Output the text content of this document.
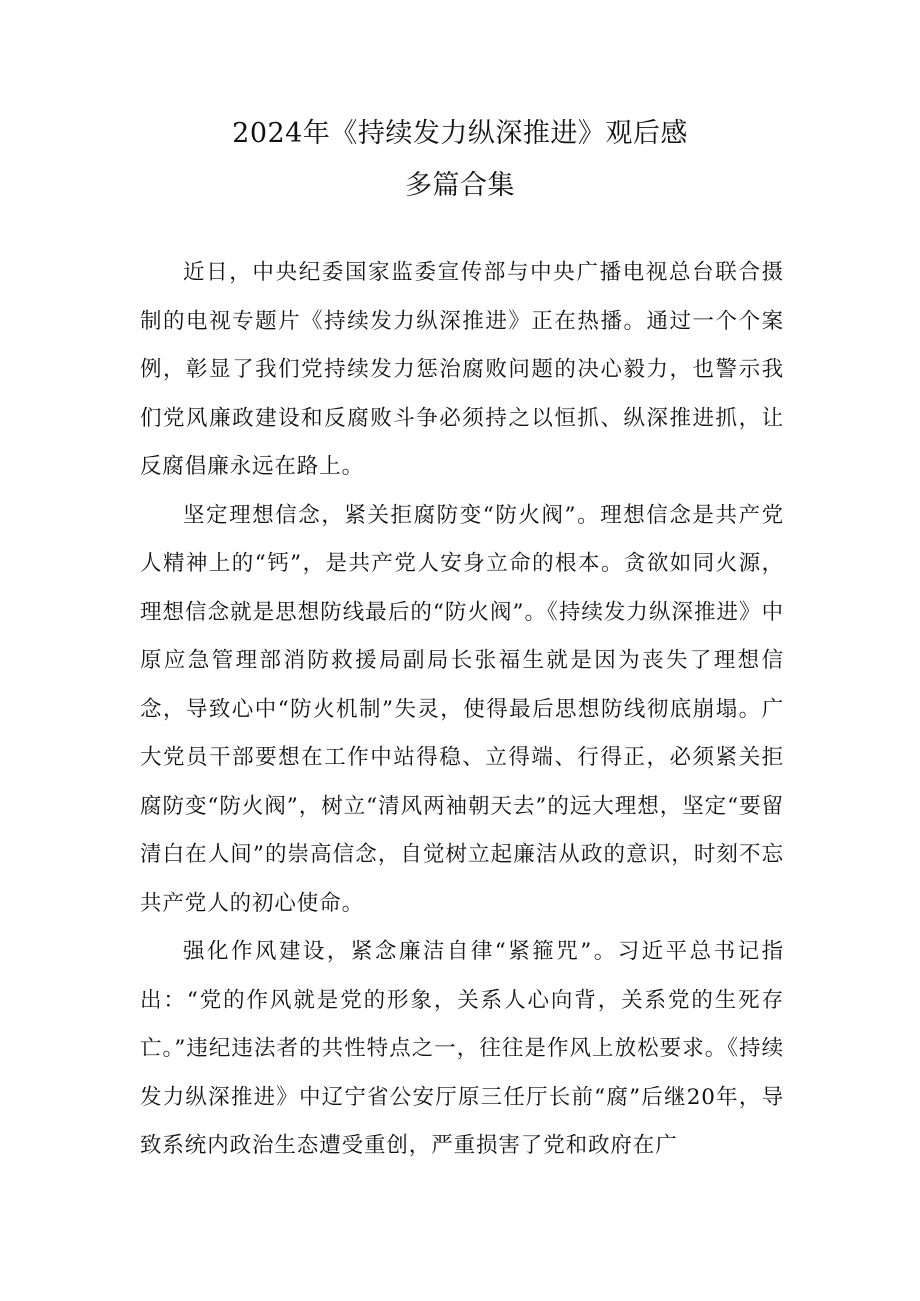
2024年《持续发力纵深推进》观后感
多篇合集

近日，中央纪委国家监委宣传部与中央广播电视总台联合摄制的电视专题片《持续发力纵深推进》正在热播。通过一个个案例，彰显了我们党持续发力惩治腐败问题的决心毅力，也警示我们党风廉政建设和反腐败斗争必须持之以恒抓、纵深推进抓，让反腐倡廉永远在路上。

坚定理想信念，紧关拒腐防变“防火阀”。理想信念是共产党人精神上的“钙”，是共产党人安身立命的根本。贪欲如同火源，理想信念就是思想防线最后的“防火阀”。《持续发力纵深推进》中原应急管理部消防救援局副局长张福生就是因为丧失了理想信念，导致心中“防火机制”失灵，使得最后思想防线彻底崩塌。广大党员干部要想在工作中站得稳、立得端、行得正，必须紧关拒腐防变“防火阀”，树立“清风两袖朝天去”的远大理想，坚定“要留清白在人间”的崇高信念，自觉树立起廉洁从政的意识，时刻不忘共产党人的初心使命。

强化作风建设，紧念廉洁自律“紧箍咒”。习近平总书记指出：“党的作风就是党的形象，关系人心向背，关系党的生死存亡。”违纪违法者的共性特点之一，往往是作风上放松要求。《持续发力纵深推进》中辽宁省公安厅原三任厅长前“腐”后继20年，导致系统内政治生态遭受重创，严重损害了党和政府在广
